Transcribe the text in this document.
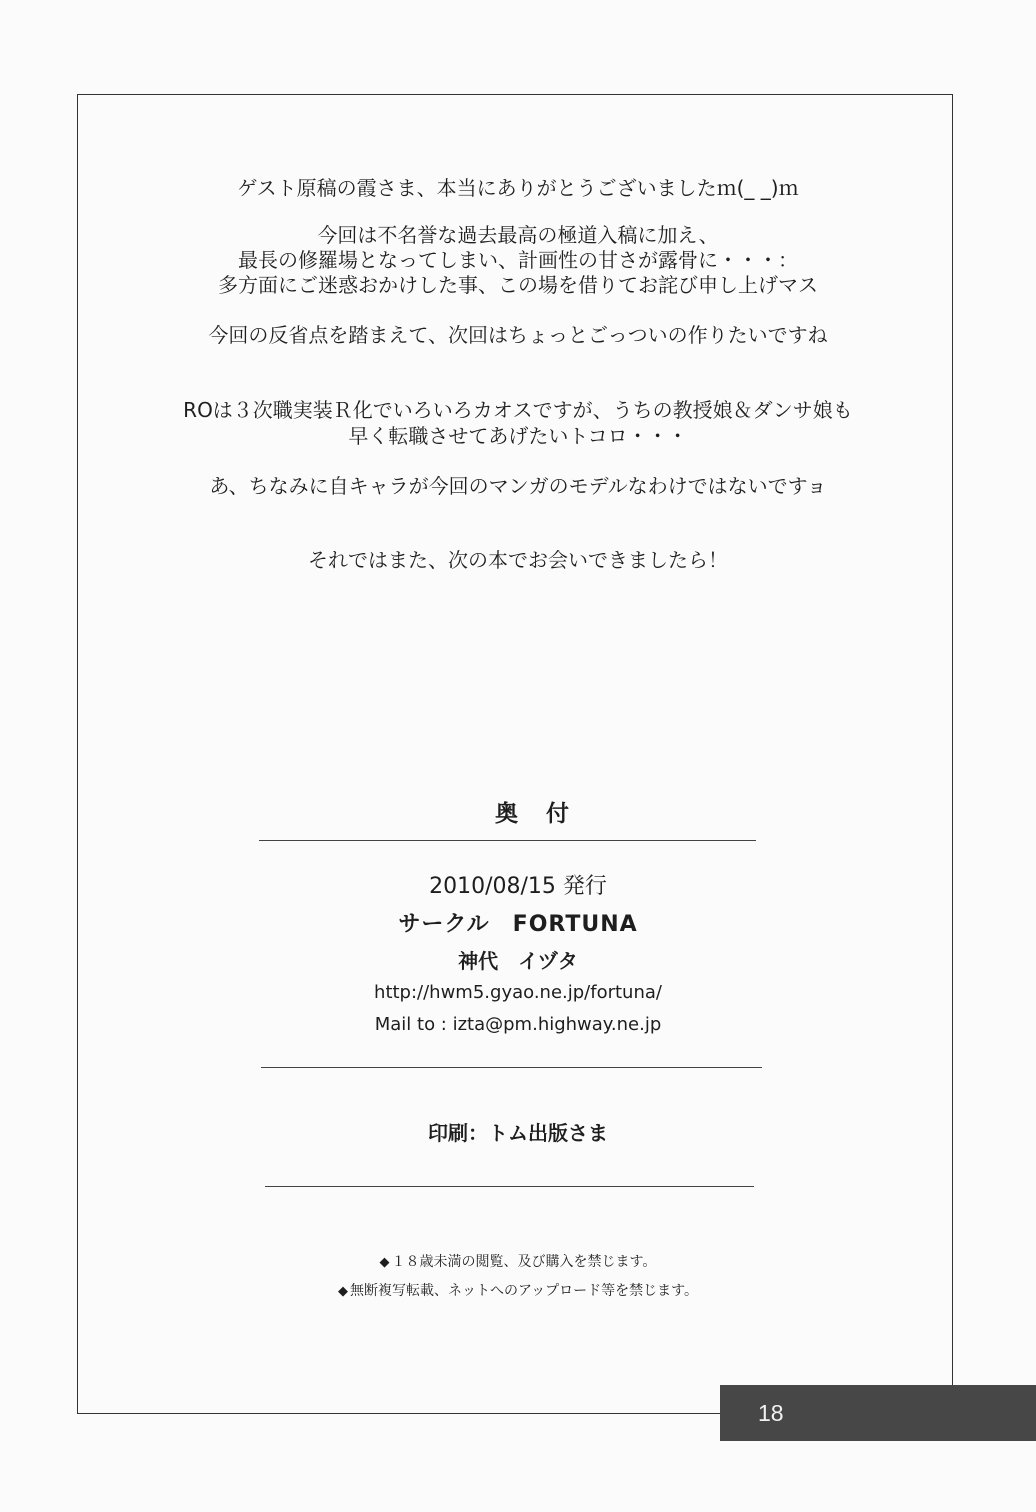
ゲスト原稿の霞さま、本当にありがとうございましたｍ(_ _)ｍ
今回は不名誉な過去最高の極道入稿に加え、
最長の修羅場となってしまい、計画性の甘さが露骨に・・・：
多方面にご迷惑おかけした事、この場を借りてお詫び申し上げマス
今回の反省点を踏まえて、次回はちょっとごっついの作りたいですね
ROは３次職実装Ｒ化でいろいろカオスですが、うちの教授娘＆ダンサ娘も
早く転職させてあげたいトコロ・・・
あ、ちなみに自キャラが今回のマンガのモデルなわけではないですョ
それではまた、次の本でお会いできましたら！
奥付
2010/08/15 発行
サークル　FORTUNA
神代　イヅタ
http://hwm5.gyao.ne.jp/fortuna/
Mail to : izta@pm.highway.ne.jp
印刷：トム出版さま
◆ １８歳未満の閲覧、及び購入を禁じます。
◆ 無断複写転載、ネットへのアップロード等を禁じます。
18
